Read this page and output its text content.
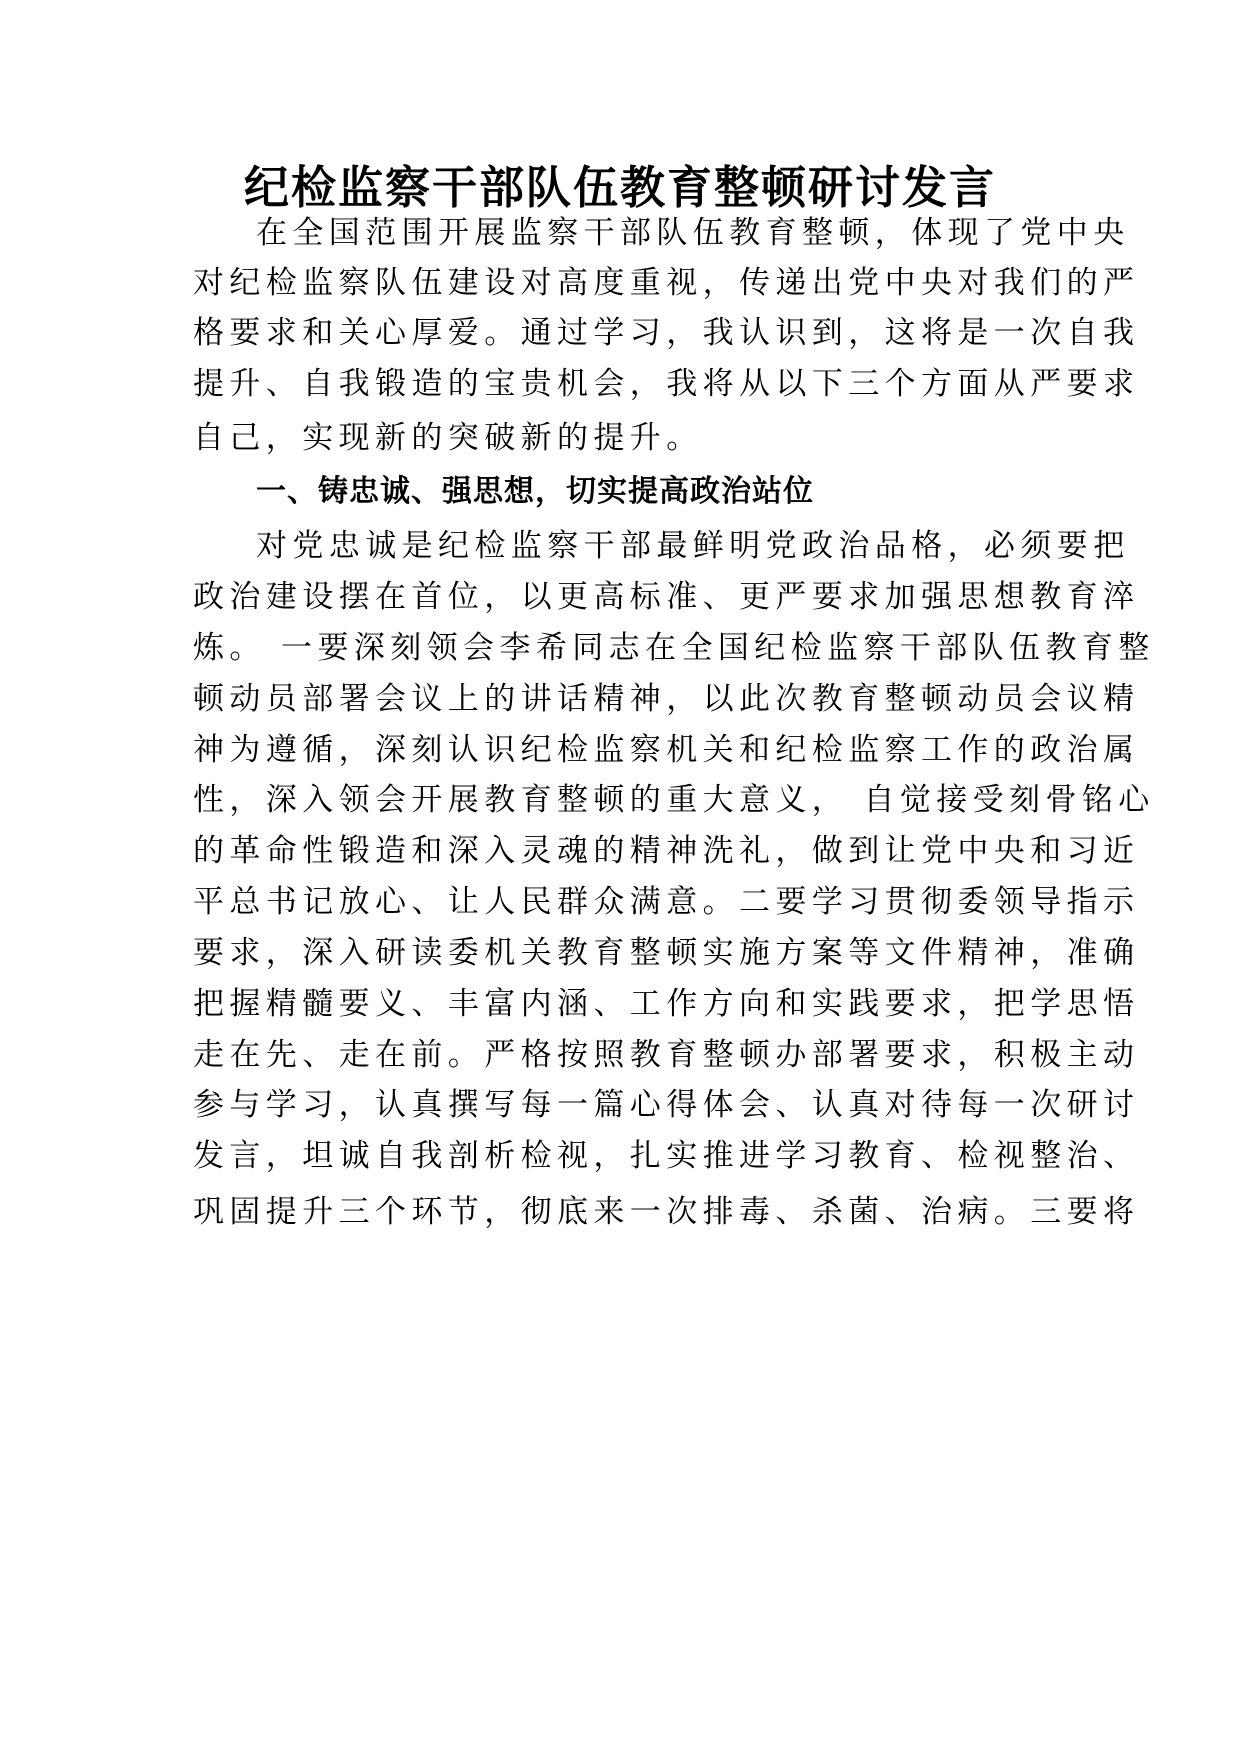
纪检监察干部队伍教育整顿研讨发言
在全国范围开展监察干部队伍教育整顿，体现了党中央
对纪检监察队伍建设对高度重视，传递出党中央对我们的严
格要求和关心厚爱。通过学习，我认识到，这将是一次自我
提升、自我锻造的宝贵机会，我将从以下三个方面从严要求
自己，实现新的突破新的提升。
一、铸忠诚、强思想，切实提高政治站位
对党忠诚是纪检监察干部最鲜明党政治品格，必须要把
政治建设摆在首位，以更高标准、更严要求加强思想教育淬
炼。 一要深刻领会李希同志在全国纪检监察干部队伍教育整
顿动员部署会议上的讲话精神，以此次教育整顿动员会议精
神为遵循，深刻认识纪检监察机关和纪检监察工作的政治属
性，深入领会开展教育整顿的重大意义， 自觉接受刻骨铭心
的革命性锻造和深入灵魂的精神洗礼，做到让党中央和习近
平总书记放心、让人民群众满意。二要学习贯彻委领导指示
要求，深入研读委机关教育整顿实施方案等文件精神，准确
把握精髓要义、丰富内涵、工作方向和实践要求，把学思悟
走在先、走在前。严格按照教育整顿办部署要求，积极主动
参与学习，认真撰写每一篇心得体会、认真对待每一次研讨
发言，坦诚自我剖析检视，扎实推进学习教育、检视整治、
巩固提升三个环节，彻底来一次排毒、杀菌、治病。三要将
